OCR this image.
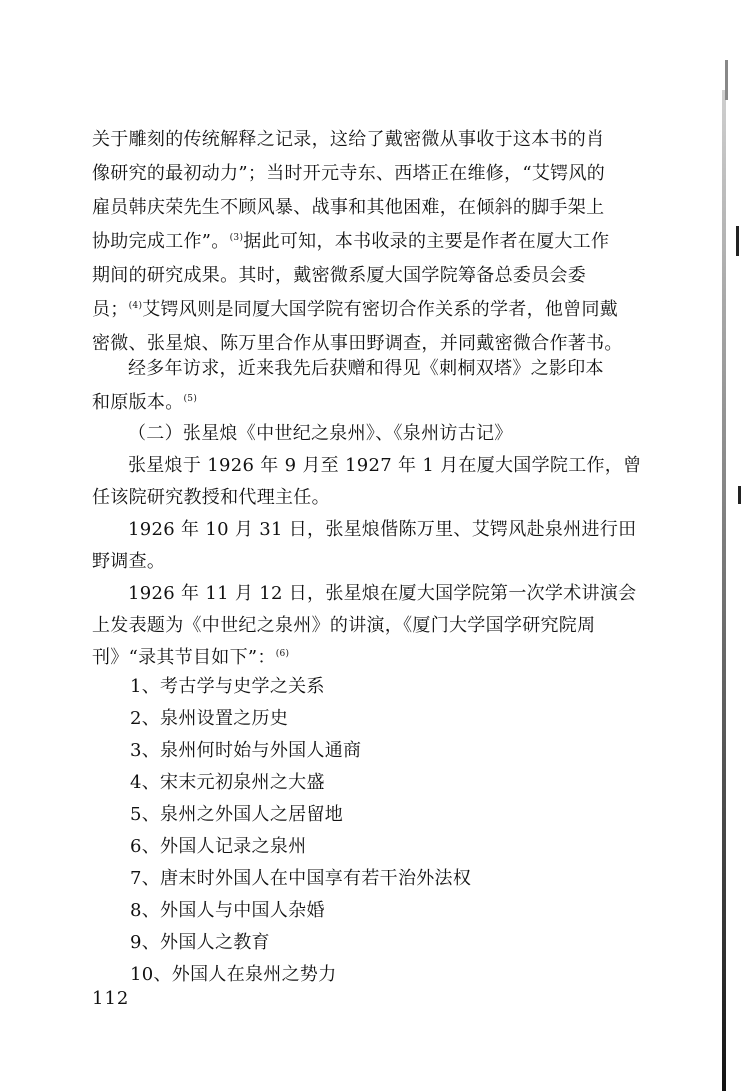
关于雕刻的传统解释之记录，这给了戴密微从事收于这本书的肖
像研究的最初动力”；当时开元寺东、西塔正在维修，“艾锷风的
雇员韩庆荣先生不顾风暴、战事和其他困难，在倾斜的脚手架上
协助完成工作”。$^{(3)}$据此可知，本书收录的主要是作者在厦大工作
期间的研究成果。其时，戴密微系厦大国学院筹备总委员会委
员；$^{(4)}$艾锷风则是同厦大国学院有密切合作关系的学者，他曾同戴
密微、张星烺、陈万里合作从事田野调查，并同戴密微合作著书。
经多年访求，近来我先后获赠和得见《刺桐双塔》之影印本
和原版本。$^{(5)}$
（二）张星烺《中世纪之泉州》、《泉州访古记》
张星烺于 1926 年 9 月至 1927 年 1 月在厦大国学院工作，曾
任该院研究教授和代理主任。
1926 年 10 月 31 日，张星烺偕陈万里、艾锷风赴泉州进行田
野调查。
1926 年 11 月 12 日，张星烺在厦大国学院第一次学术讲演会
上发表题为《中世纪之泉州》的讲演，《厦门大学国学研究院周
刊》“录其节目如下”：$^{(6)}$
1、考古学与史学之关系
2、泉州设置之历史
3、泉州何时始与外国人通商
4、宋末元初泉州之大盛
5、泉州之外国人之居留地
6、外国人记录之泉州
7、唐末时外国人在中国享有若干治外法权
8、外国人与中国人杂婚
9、外国人之教育
10、外国人在泉州之势力
112
